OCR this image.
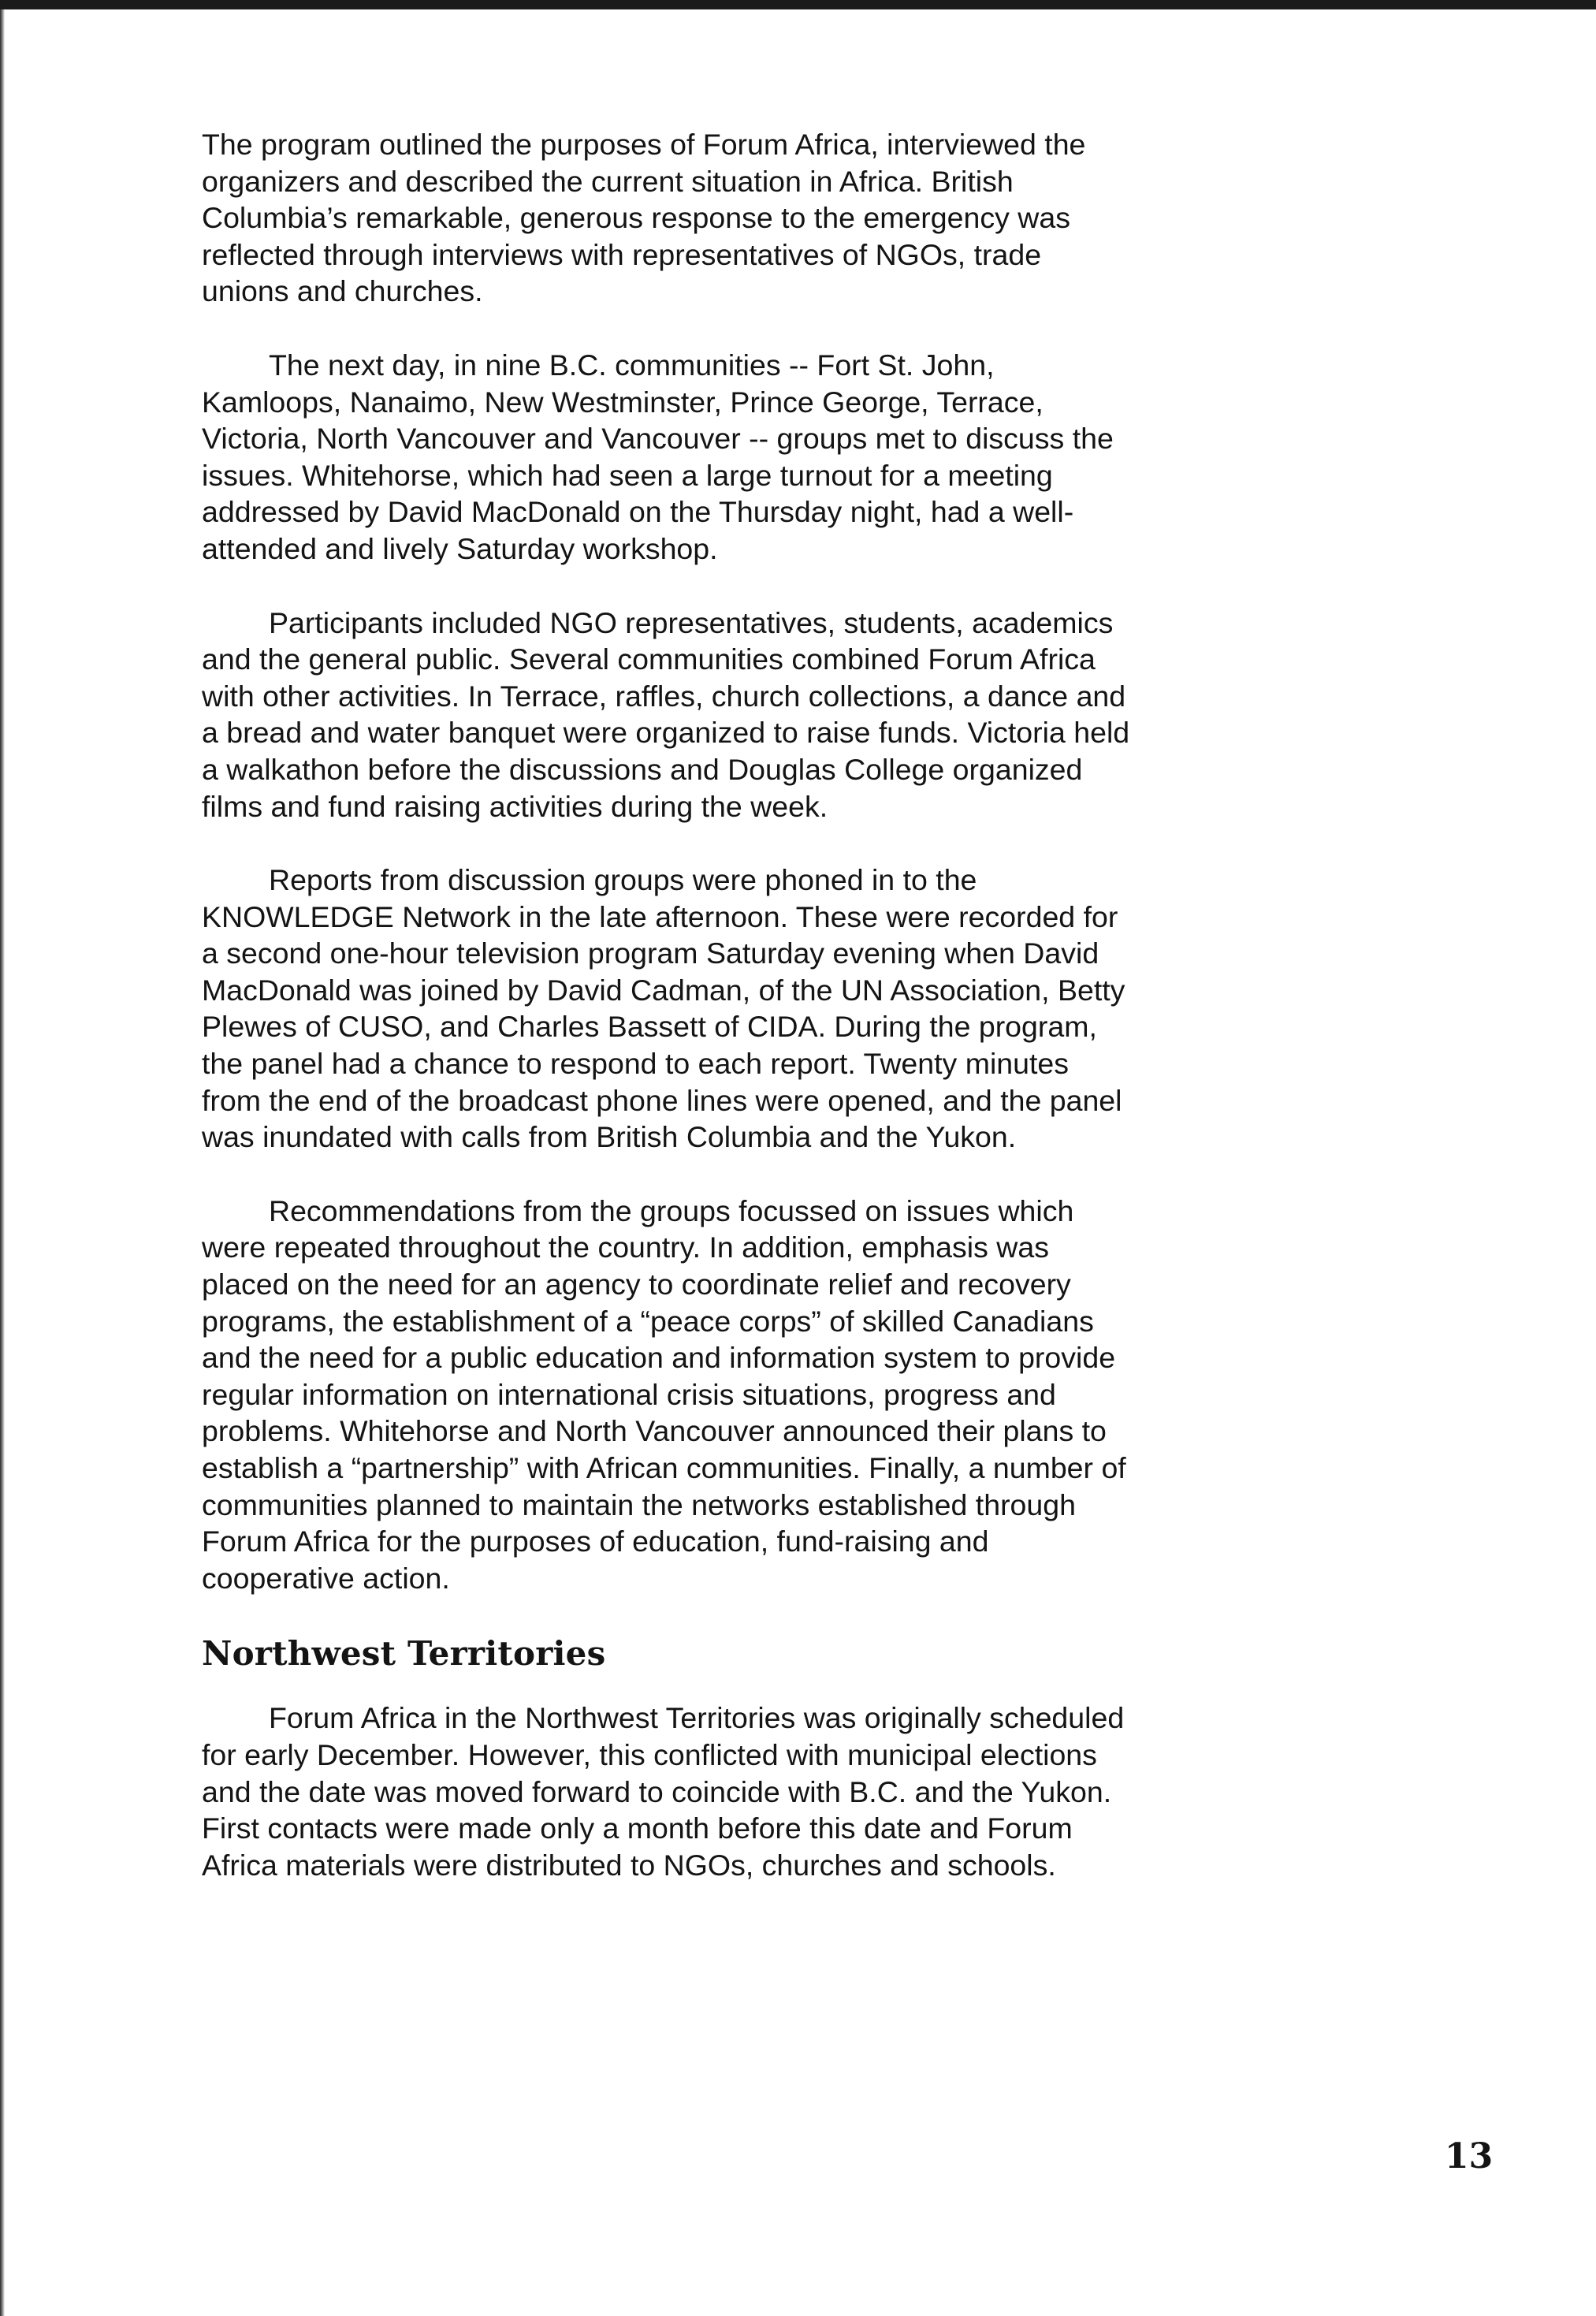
The program outlined the purposes of Forum Africa, interviewed the organizers and described the current situation in Africa. British Columbia’s remarkable, generous response to the emergency was reflected through interviews with representatives of NGOs, trade unions and churches.

The next day, in nine B.C. communities -- Fort St. John, Kamloops, Nanaimo, New Westminster, Prince George, Terrace, Victoria, North Vancouver and Vancouver -- groups met to discuss the issues. Whitehorse, which had seen a large turnout for a meeting addressed by David MacDonald on the Thursday night, had a well-attended and lively Saturday workshop.

Participants included NGO representatives, students, academics and the general public. Several communities combined Forum Africa with other activities. In Terrace, raffles, church collections, a dance and a bread and water banquet were organized to raise funds. Victoria held a walkathon before the discussions and Douglas College organized films and fund raising activities during the week.

Reports from discussion groups were phoned in to the KNOWLEDGE Network in the late afternoon. These were recorded for a second one-hour television program Saturday evening when David MacDonald was joined by David Cadman, of the UN Association, Betty Plewes of CUSO, and Charles Bassett of CIDA. During the program, the panel had a chance to respond to each report. Twenty minutes from the end of the broadcast phone lines were opened, and the panel was inundated with calls from British Columbia and the Yukon.

Recommendations from the groups focussed on issues which were repeated throughout the country. In addition, emphasis was placed on the need for an agency to coordinate relief and recovery programs, the establishment of a “peace corps” of skilled Canadians and the need for a public education and information system to provide regular information on international crisis situations, progress and problems. Whitehorse and North Vancouver announced their plans to establish a “partnership” with African communities. Finally, a number of communities planned to maintain the networks established through Forum Africa for the purposes of education, fund-raising and cooperative action.

Northwest Territories

Forum Africa in the Northwest Territories was originally scheduled for early December. However, this conflicted with municipal elections and the date was moved forward to coincide with B.C. and the Yukon. First contacts were made only a month before this date and Forum Africa materials were distributed to NGOs, churches and schools.

13
